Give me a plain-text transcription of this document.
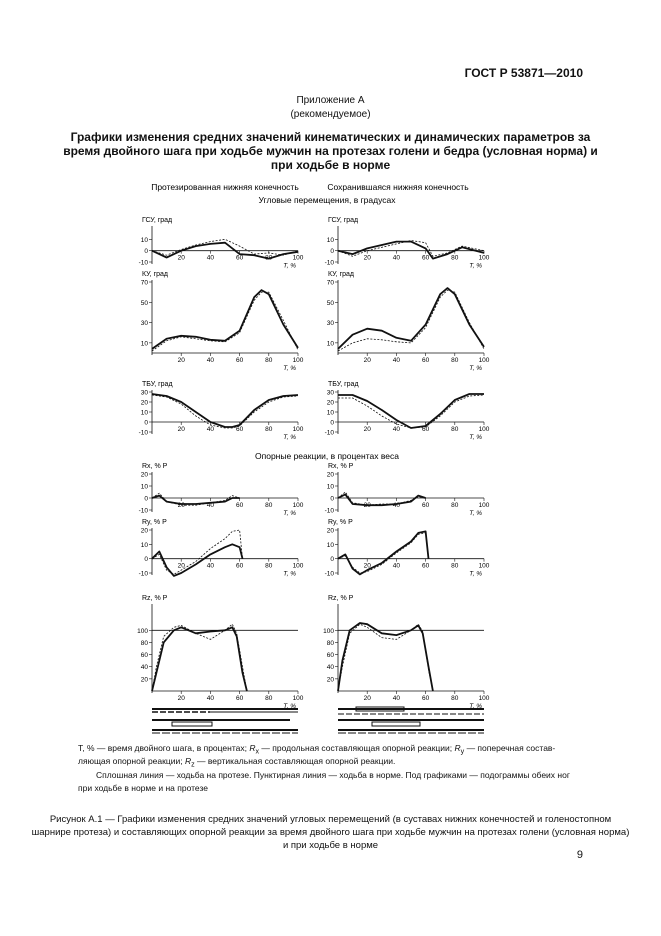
ГОСТ Р 53871—2010
Приложение А
(рекомендуемое)
Графики изменения средних значений кинематических и динамических параметров за время двойного шага при ходьбе мужчин на протезах голени и бедра (условная норма) и при ходьбе в норме
Протезированная нижняя конечность	Сохранившаяся нижняя конечность
Угловые перемещения, в градусах
Опорные реакции, в процентах веса
ГСУ, град
-10
0
10
20	40	60	80	100
T, %
ГСУ, град
-10
0
10
20	40	60	80	100
T, %
КУ, град
10
30
50
70
20	40	60	80	100
T, %
КУ, град
10
30
50
70
20	40	60	80	100
T, %
ТБУ, град
-10
0
10
20
30
20	40	60	80	100
T, %
ТБУ, град
-10
0
10
20
30
20	40	60	80	100
T, %
Rx, % P
-10
0
10
20
20	40	60	80	100
T, %
Rx, % P
-10
0
10
20
20	40	60	80	100
T, %
Ry, % P
-10
0
10
20
20	40	60	80	100
T, %
Ry, % P
-10
0
10
20
20	40	60	80	100
T, %
Rz, % P
20
40
60
80
100
20	40	60	80	100
T, %
Rz, % P
20
40
60
80
100
20	40	60	80	100
T, %
T, % — время двойного шага, в процентах; $R_x$ — продольная составляющая опорной реакции; $R_y$ — поперечная состав-
ляющая опорной реакции; $R_z$ — вертикальная составляющая опорной реакции.
Сплошная линия — ходьба на протезе. Пунктирная линия — ходьба в норме. Под графиками — подограммы обеих ног
при ходьбе в норме и на протезе
Рисунок А.1 — Графики изменения средних значений угловых перемещений (в суставах нижних конечностей и голеностопном шарнире протеза) и составляющих опорной реакции за время двойного шага при ходьбе мужчин на протезах голени (условная норма) и при ходьбе в норме
9
